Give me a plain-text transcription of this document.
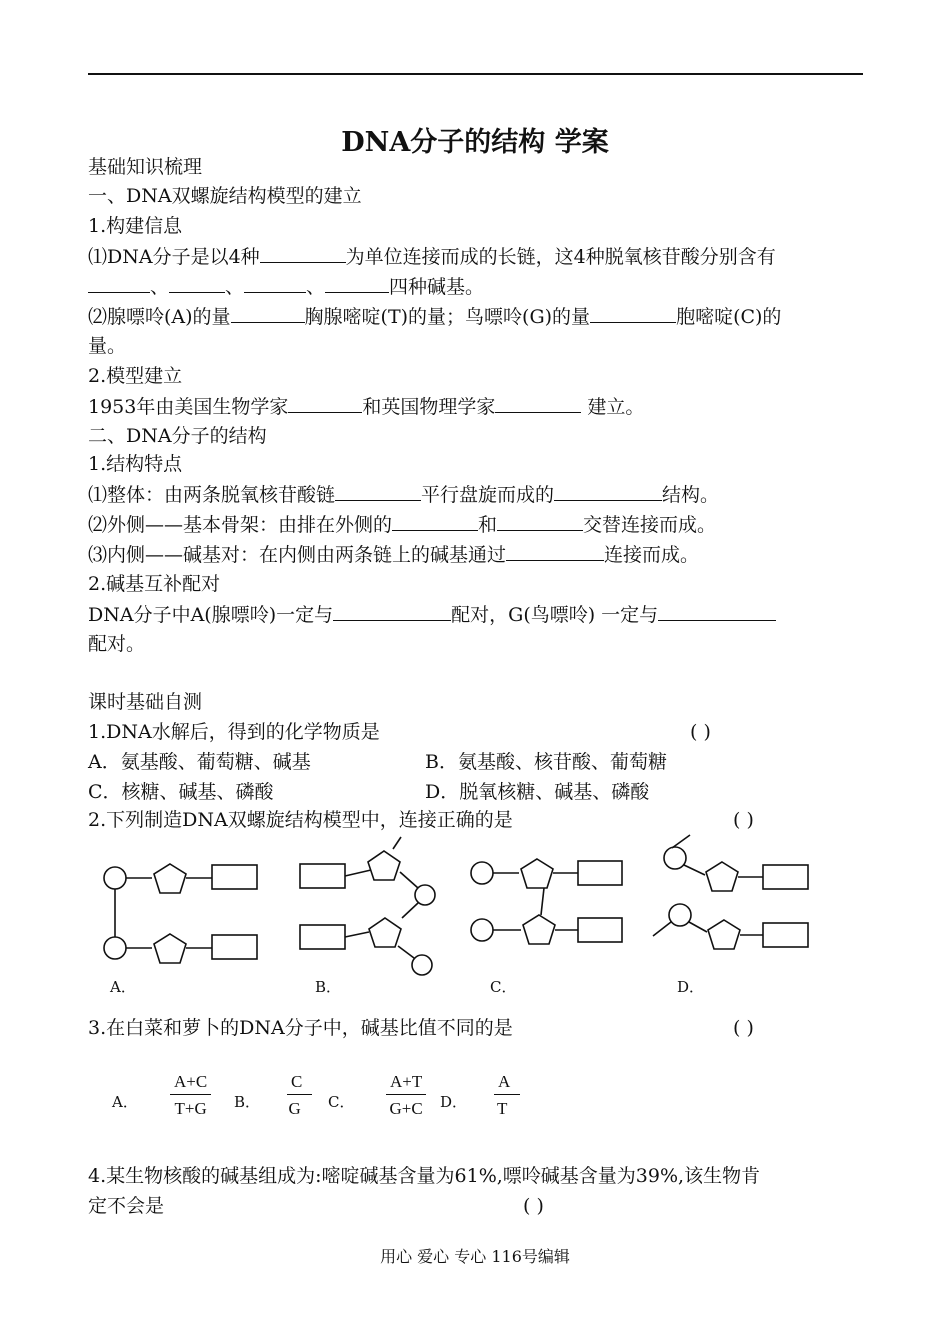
DNA分子的结构 学案
基础知识梳理
一、DNA双螺旋结构模型的建立
1.构建信息
⑴DNA分子是以4种	为单位连接而成的长链，这4种脱氧核苷酸分别含有
、	、	、	四种碱基。
⑵腺嘌呤(A)的量	胸腺嘧啶(T)的量；鸟嘌呤(G)的量	胞嘧啶(C)的
量。
2.模型建立
1953年由美国生物学家	和英国物理学家	建立。
二、DNA分子的结构
1.结构特点
⑴整体：由两条脱氧核苷酸链	平行盘旋而成的	结构。
⑵外侧——基本骨架：由排在外侧的	和	交替连接而成。
⑶内侧——碱基对：在内侧由两条链上的碱基通过	连接而成。
2.碱基互补配对
DNA分子中A(腺嘌呤)一定与	配对，G(鸟嘌呤) 一定与
配对。
课时基础自测
1.DNA水解后，得到的化学物质是	( )
A．氨基酸、葡萄糖、碱基	B．氨基酸、核苷酸、葡萄糖
C．核糖、碱基、磷酸	D．脱氧核糖、碱基、磷酸
2.下列制造DNA双螺旋结构模型中，连接正确的是	( )
A．	B．	C．	D．
3.在白菜和萝卜的DNA分子中，碱基比值不同的是	( )
A． $\frac{A+C}{T+G}$ B． $\frac{C}{G}$ C． $\frac{A+T}{G+C}$ D． $\frac{A}{T}$
4.某生物核酸的碱基组成为:嘧啶碱基含量为61%,嘌呤碱基含量为39%,该生物肯
定不会是	( )
用心 爱心 专心 116号编辑
